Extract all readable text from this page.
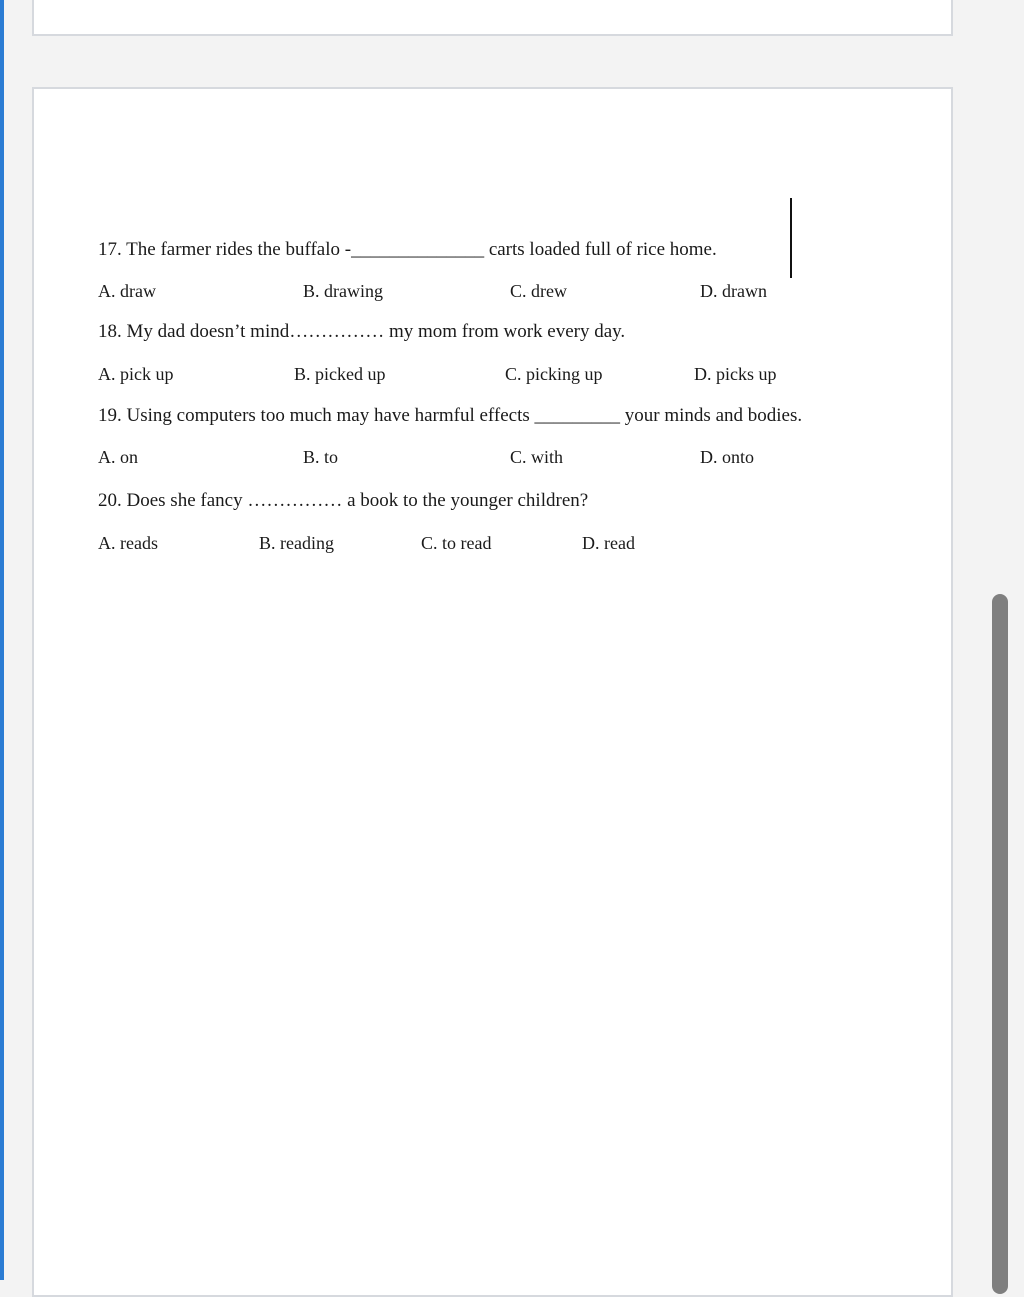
17. The farmer rides the buffalo -______________ carts loaded full of rice home.
A. draw	B. drawing	C. drew	D. drawn
18. My dad doesn’t mind…………… my mom from work every day.
A. pick up	B. picked up	C. picking up	D. picks up
19. Using computers too much may have harmful effects _________ your minds and bodies.
A. on	B. to	C. with	D. onto
20. Does she fancy …………… a book to the younger children?
A. reads	B. reading	C. to read	D. read
